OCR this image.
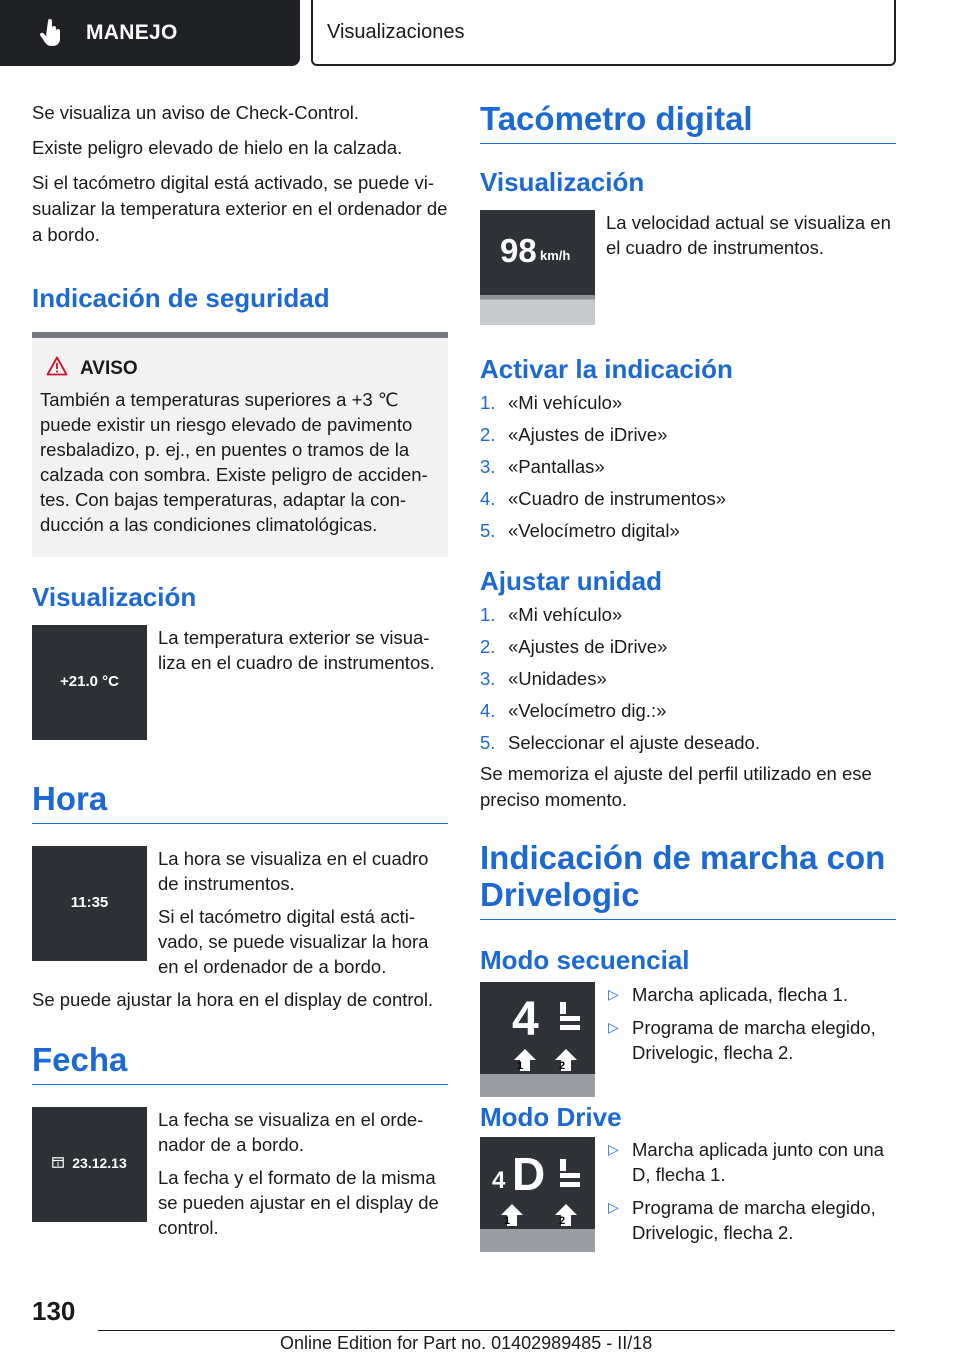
MANEJO	Visualizaciones

Se visualiza un aviso de Check-Control.

Existe peligro elevado de hielo en la calzada.

Si el tacómetro digital está activado, se puede vi-sualizar la temperatura exterior en el ordenador de a bordo.

Indicación de seguridad
AVISO

También a temperaturas superiores a +3 ℃ puede existir un riesgo elevado de pavimento resbaladizo, p. ej., en puentes o tramos de la calzada con sombra. Existe peligro de acciden-tes. Con bajas temperaturas, adaptar la con-ducción a las condiciones climatológicas.

Visualización
+21.0 °C

La temperatura exterior se visua-liza en el cuadro de instrumentos.

Hora
11:35

La hora se visualiza en el cuadro de instrumentos.

Si el tacómetro digital está acti-vado, se puede visualizar la hora en el ordenador de a bordo.

Se puede ajustar la hora en el display de control.

Fecha
23.12.13

La fecha se visualiza en el orde-nador de a bordo.

La fecha y el formato de la misma se pueden ajustar en el display de control.

Tacómetro digital
Visualización
98 km/h

La velocidad actual se visualiza en el cuadro de instrumentos.

Activar la indicación
1. «Mi vehículo»
2. «Ajustes de iDrive»
3. «Pantallas»
4. «Cuadro de instrumentos»
5. «Velocímetro digital»
Ajustar unidad
1. «Mi vehículo»
2. «Ajustes de iDrive»
3. «Unidades»
4. «Velocímetro dig.:»
5. Seleccionar el ajuste deseado.

Se memoriza el ajuste del perfil utilizado en ese preciso momento.

Indicación de marcha con Drivelogic
Modo secuencial
4
1	2
▷ Marcha aplicada, flecha 1.
▷ Programa de marcha elegido, Drivelogic, flecha 2.
Modo Drive
4 D
1	2
▷ Marcha aplicada junto con una D, flecha 1.
▷ Programa de marcha elegido, Drivelogic, flecha 2.
130
Online Edition for Part no. 01402989485 - II/18
